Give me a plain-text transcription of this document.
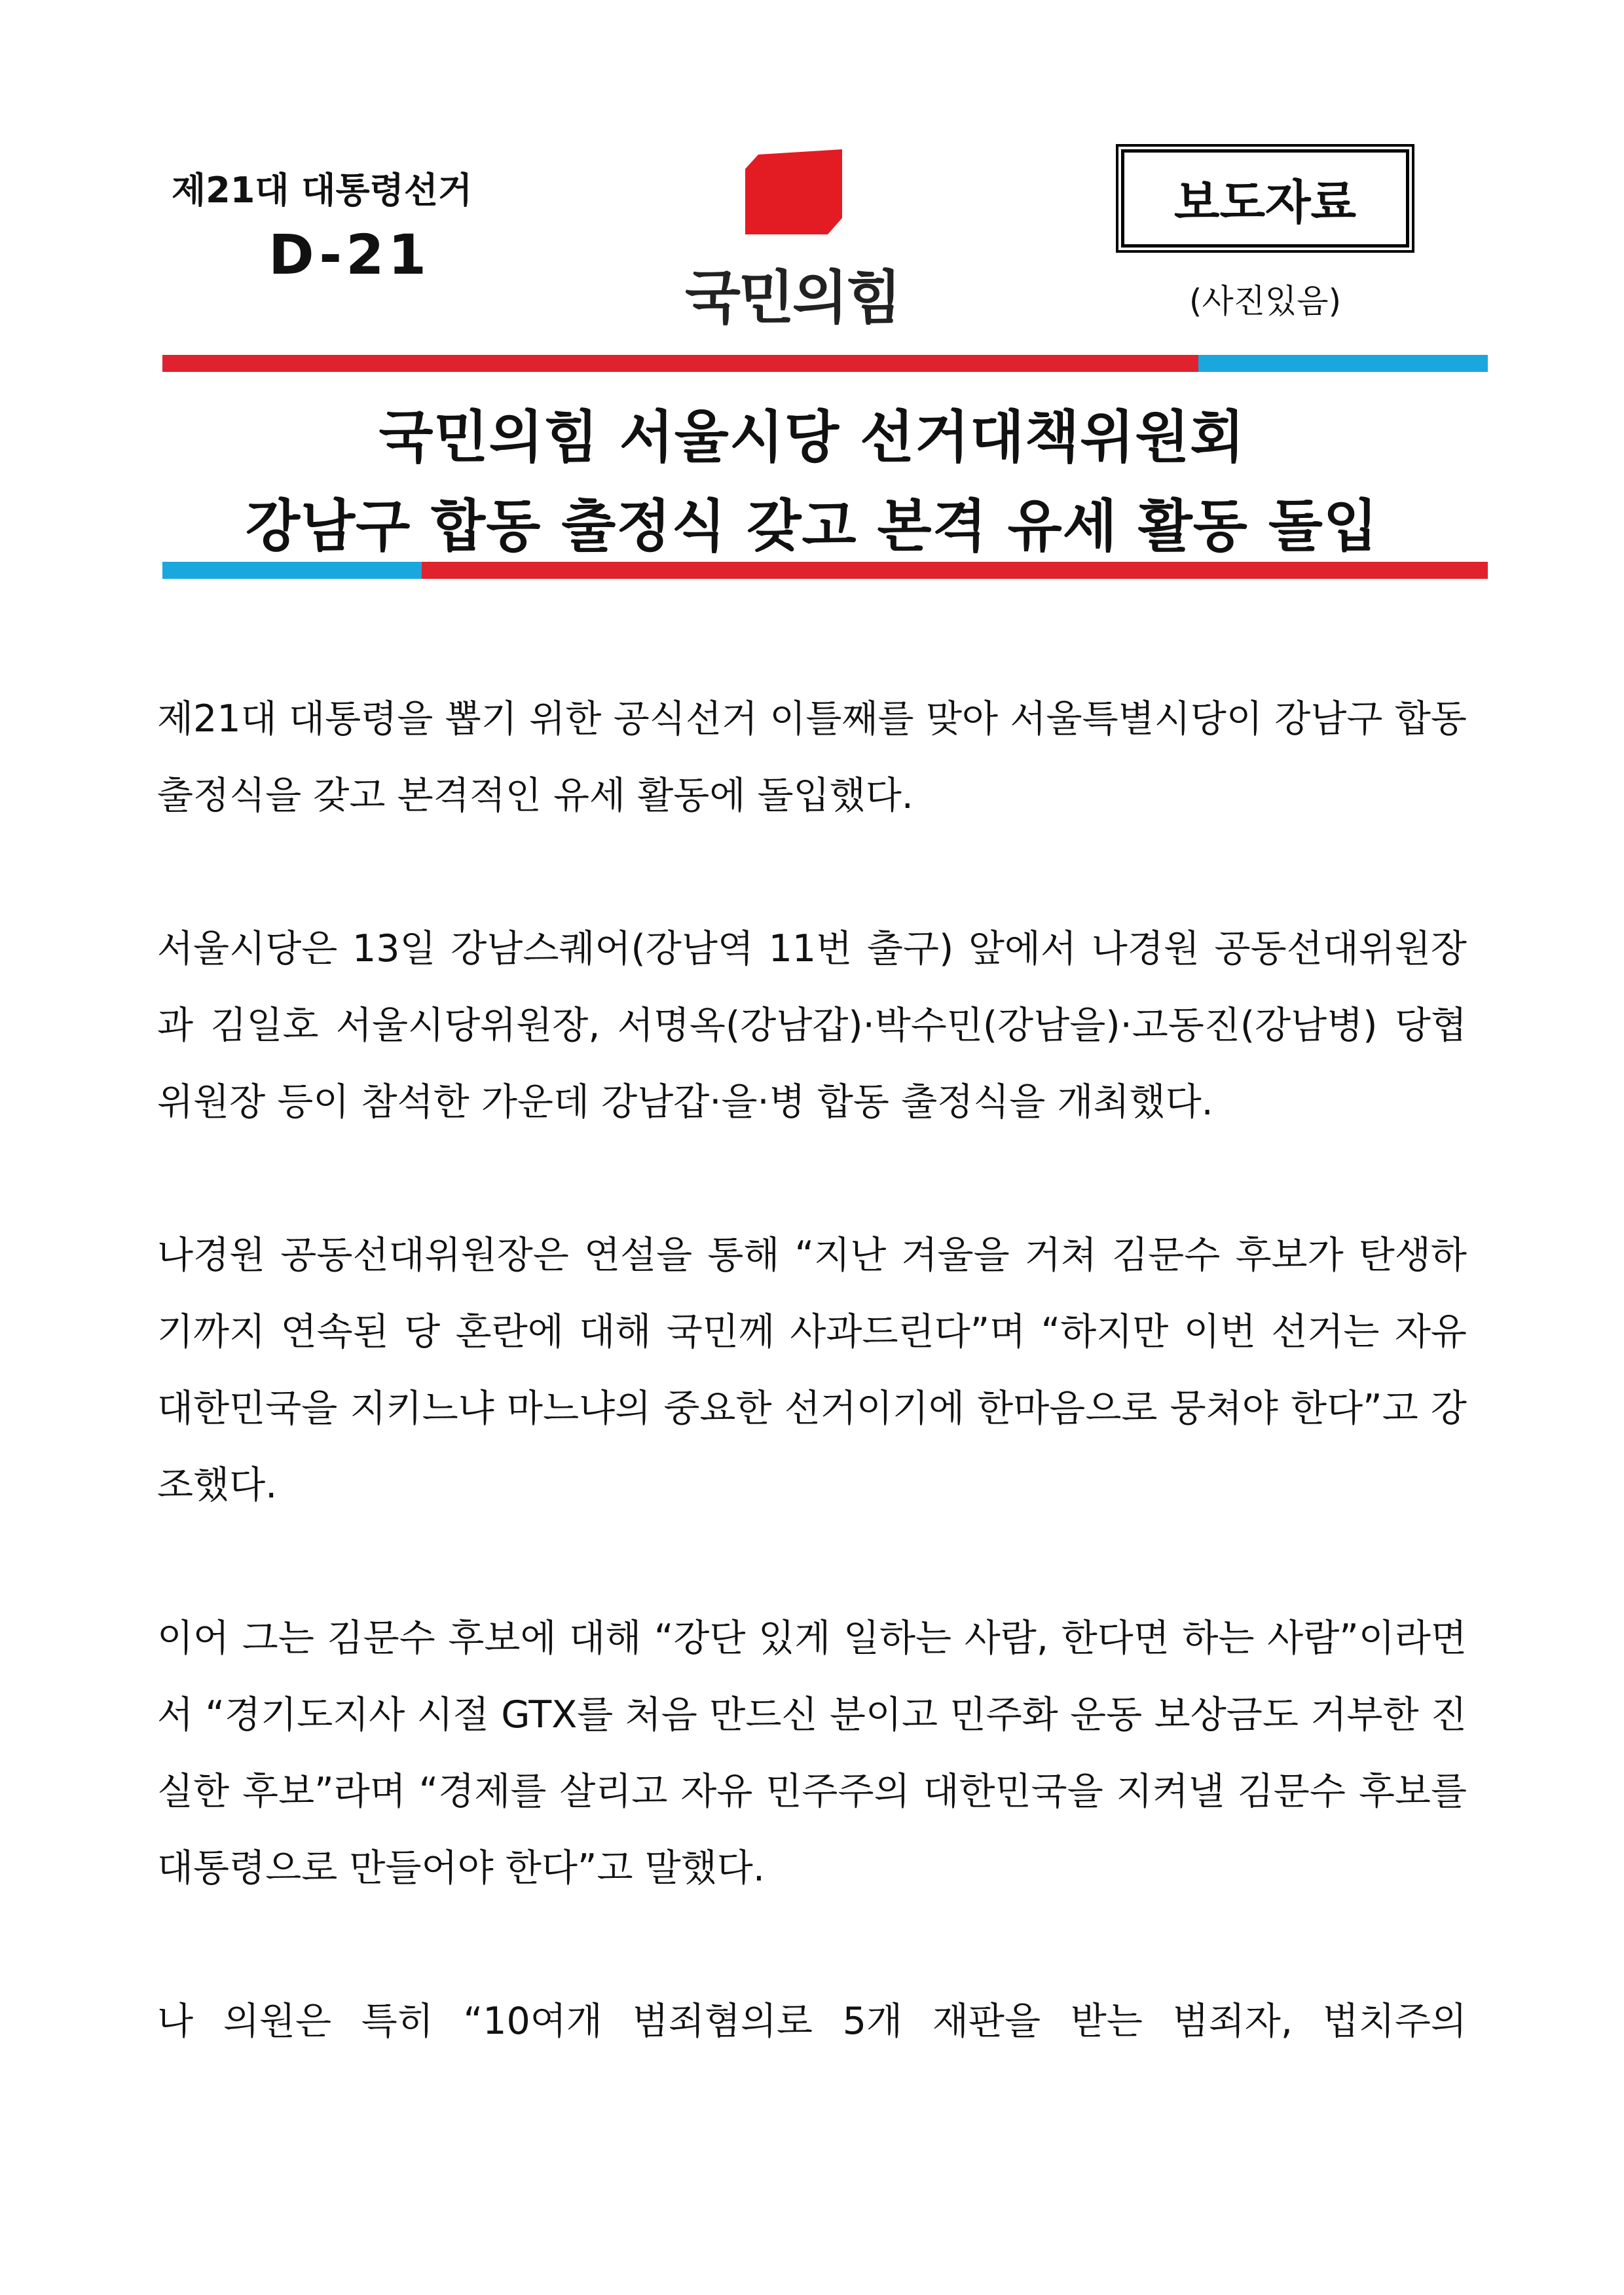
제21대 대통령선거
D-21
국민의힘
보도자료
(사진있음)
국민의힘 서울시당 선거대책위원회
강남구 합동 출정식 갖고 본격 유세 활동 돌입

제21대 대통령을 뽑기 위한 공식선거 이틀째를 맞아 서울특별시당이 강남구 합동 출정식을 갖고 본격적인 유세 활동에 돌입했다.

서울시당은 13일 강남스퀘어(강남역 11번 출구) 앞에서 나경원 공동선대위원장과 김일호 서울시당위원장, 서명옥(강남갑)·박수민(강남을)·고동진(강남병) 당협위원장 등이 참석한 가운데 강남갑·을·병 합동 출정식을 개최했다.

나경원 공동선대위원장은 연설을 통해 “지난 겨울을 거쳐 김문수 후보가 탄생하기까지 연속된 당 혼란에 대해 국민께 사과드린다”며 “하지만 이번 선거는 자유 대한민국을 지키느냐 마느냐의 중요한 선거이기에 한마음으로 뭉쳐야 한다”고 강조했다.

이어 그는 김문수 후보에 대해 “강단 있게 일하는 사람, 한다면 하는 사람”이라면서 “경기도지사 시절 GTX를 처음 만드신 분이고 민주화 운동 보상금도 거부한 진실한 후보”라며 “경제를 살리고 자유 민주주의 대한민국을 지켜낼 김문수 후보를 대통령으로 만들어야 한다”고 말했다.

나 의원은 특히 “10여개 범죄혐의로 5개 재판을 받는 범죄자, 법치주의
